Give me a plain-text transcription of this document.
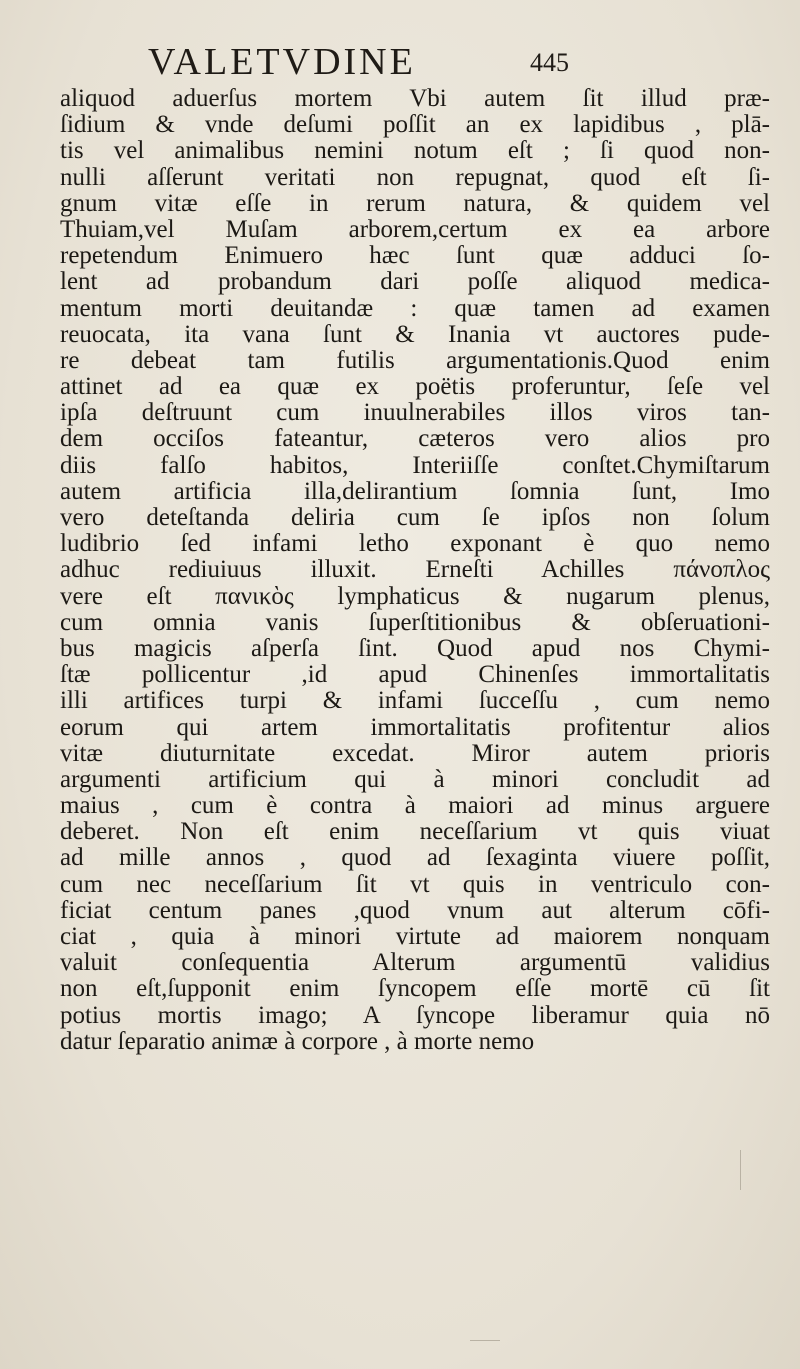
VALETVDINE	445
aliquod aduerſus mortem Vbi autem ſit illud præ-
ſidium & vnde deſumi poſſit an ex lapidibus , plā-
tis vel animalibus nemini notum eſt ; ſi quod non-
nulli aſſerunt veritati non repugnat, quod eſt ſi-
gnum vitæ eſſe in rerum natura, & quidem vel
Thuiam,vel Muſam arborem,certum ex ea arbore
repetendum Enimuero hæc ſunt quæ adduci ſo-
lent ad probandum dari poſſe aliquod medica-
mentum morti deuitandæ : quæ tamen ad examen
reuocata, ita vana ſunt & Inania vt auctores pude-
re debeat tam futilis argumentationis.Quod enim
attinet ad ea quæ ex poëtis proferuntur, ſeſe vel
ipſa deſtruunt cum inuulnerabiles illos viros tan-
dem occiſos fateantur, cæteros vero alios pro
diis falſo habitos, Interiiſſe conſtet.Chymiſtarum
autem artificia illa,delirantium ſomnia ſunt, Imo
vero deteſtanda deliria cum ſe ipſos non ſolum
ludibrio ſed infami letho exponant è quo nemo
adhuc rediuiuus illuxit. Erneſti Achilles πάνοπλος
vere eſt πανικὸς lymphaticus & nugarum plenus,
cum omnia vanis ſuperſtitionibus & obſeruationi-
bus magicis aſperſa ſint. Quod apud nos Chymi-
ſtæ pollicentur ,id apud Chinenſes immortalitatis
illi artifices turpi & infami ſucceſſu , cum nemo
eorum qui artem immortalitatis profitentur alios
vitæ diuturnitate excedat. Miror autem prioris
argumenti artificium qui à minori concludit ad
maius , cum è contra à maiori ad minus arguere
deberet. Non eſt enim neceſſarium vt quis viuat
ad mille annos , quod ad ſexaginta viuere poſſit,
cum nec neceſſarium ſit vt quis in ventriculo con-
ficiat centum panes ,quod vnum aut alterum cōfi-
ciat , quia à minori virtute ad maiorem nonquam
valuit conſequentia Alterum argumentū validius
non eſt,ſupponit enim ſyncopem eſſe mortē cū ſit
potius mortis imago; A ſyncope liberamur quia nō
datur ſeparatio animæ à corpore , à morte nemo
